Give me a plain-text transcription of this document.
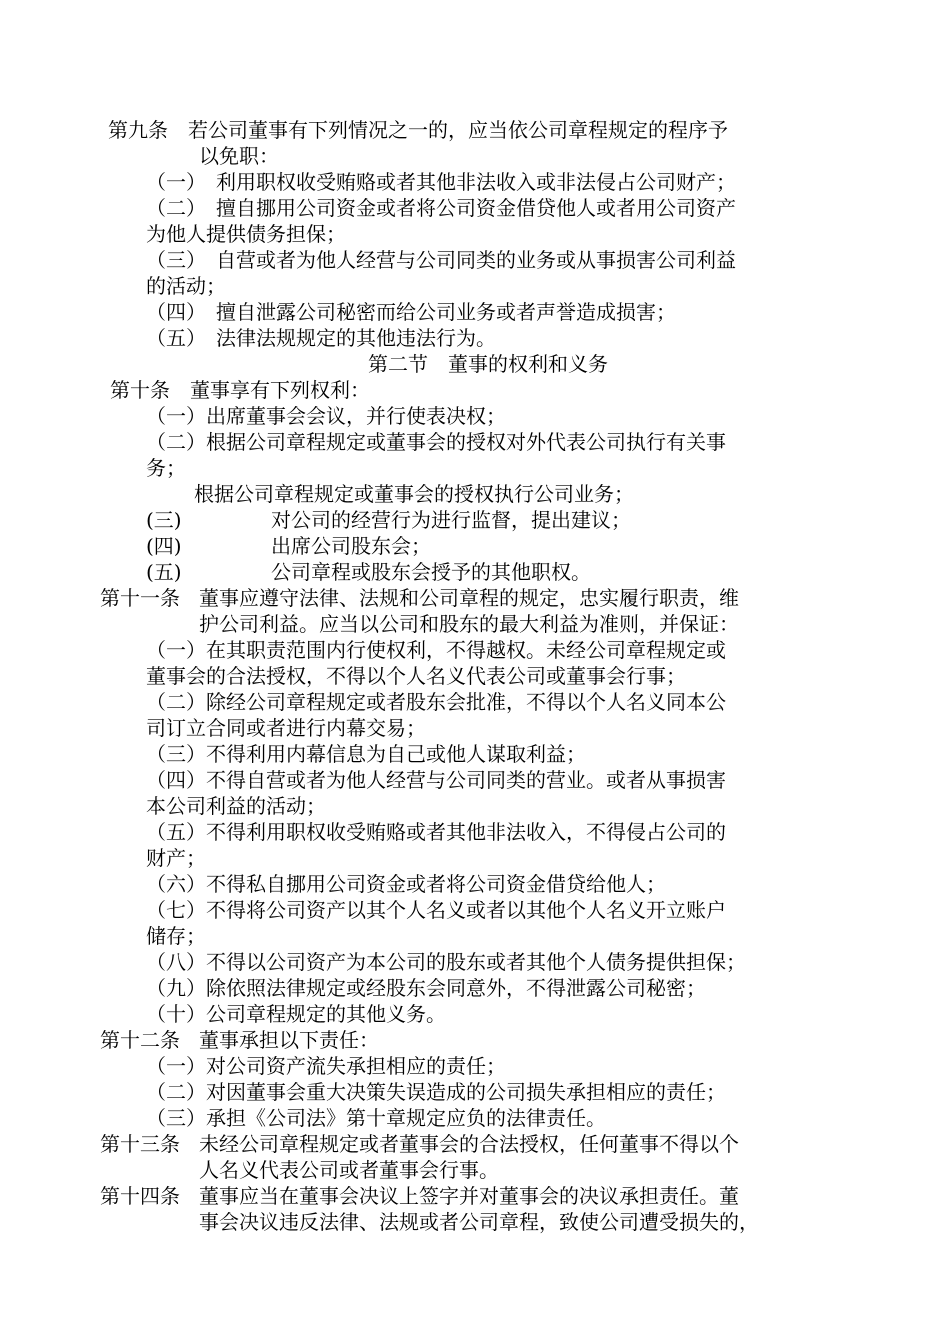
第九条　若公司董事有下列情况之一的，应当依公司章程规定的程序予
以免职：
（一）　利用职权收受贿赂或者其他非法收入或非法侵占公司财产；
（二）　擅自挪用公司资金或者将公司资金借贷他人或者用公司资产
为他人提供债务担保；
（三）　自营或者为他人经营与公司同类的业务或从事损害公司利益
的活动；
（四）　擅自泄露公司秘密而给公司业务或者声誉造成损害；
（五）　法律法规规定的其他违法行为。
第二节　董事的权利和义务
第十条　董事享有下列权利：
（一）出席董事会会议，并行使表决权；
（二）根据公司章程规定或董事会的授权对外代表公司执行有关事
务；
根据公司章程规定或董事会的授权执行公司业务；
(三)	对公司的经营行为进行监督，提出建议；
(四)	出席公司股东会；
(五)	公司章程或股东会授予的其他职权。
第十一条 董事应遵守法律、法规和公司章程的规定，忠实履行职责，维
护公司利益。应当以公司和股东的最大利益为准则，并保证：
（一）在其职责范围内行使权利，不得越权。未经公司章程规定或
董事会的合法授权，不得以个人名义代表公司或董事会行事；
（二）除经公司章程规定或者股东会批准，不得以个人名义同本公
司订立合同或者进行内幕交易；
（三）不得利用内幕信息为自己或他人谋取利益；
（四）不得自营或者为他人经营与公司同类的营业。或者从事损害
本公司利益的活动；
（五）不得利用职权收受贿赂或者其他非法收入，不得侵占公司的
财产；
（六）不得私自挪用公司资金或者将公司资金借贷给他人；
（七）不得将公司资产以其个人名义或者以其他个人名义开立账户
储存；
（八）不得以公司资产为本公司的股东或者其他个人债务提供担保；
（九）除依照法律规定或经股东会同意外，不得泄露公司秘密；
（十）公司章程规定的其他义务。
第十二条 董事承担以下责任：
（一）对公司资产流失承担相应的责任；
（二）对因董事会重大决策失误造成的公司损失承担相应的责任；
（三）承担《公司法》第十章规定应负的法律责任。
第十三条 未经公司章程规定或者董事会的合法授权，任何董事不得以个
人名义代表公司或者董事会行事。
第十四条 董事应当在董事会决议上签字并对董事会的决议承担责任。董
事会决议违反法律、法规或者公司章程，致使公司遭受损失的，
